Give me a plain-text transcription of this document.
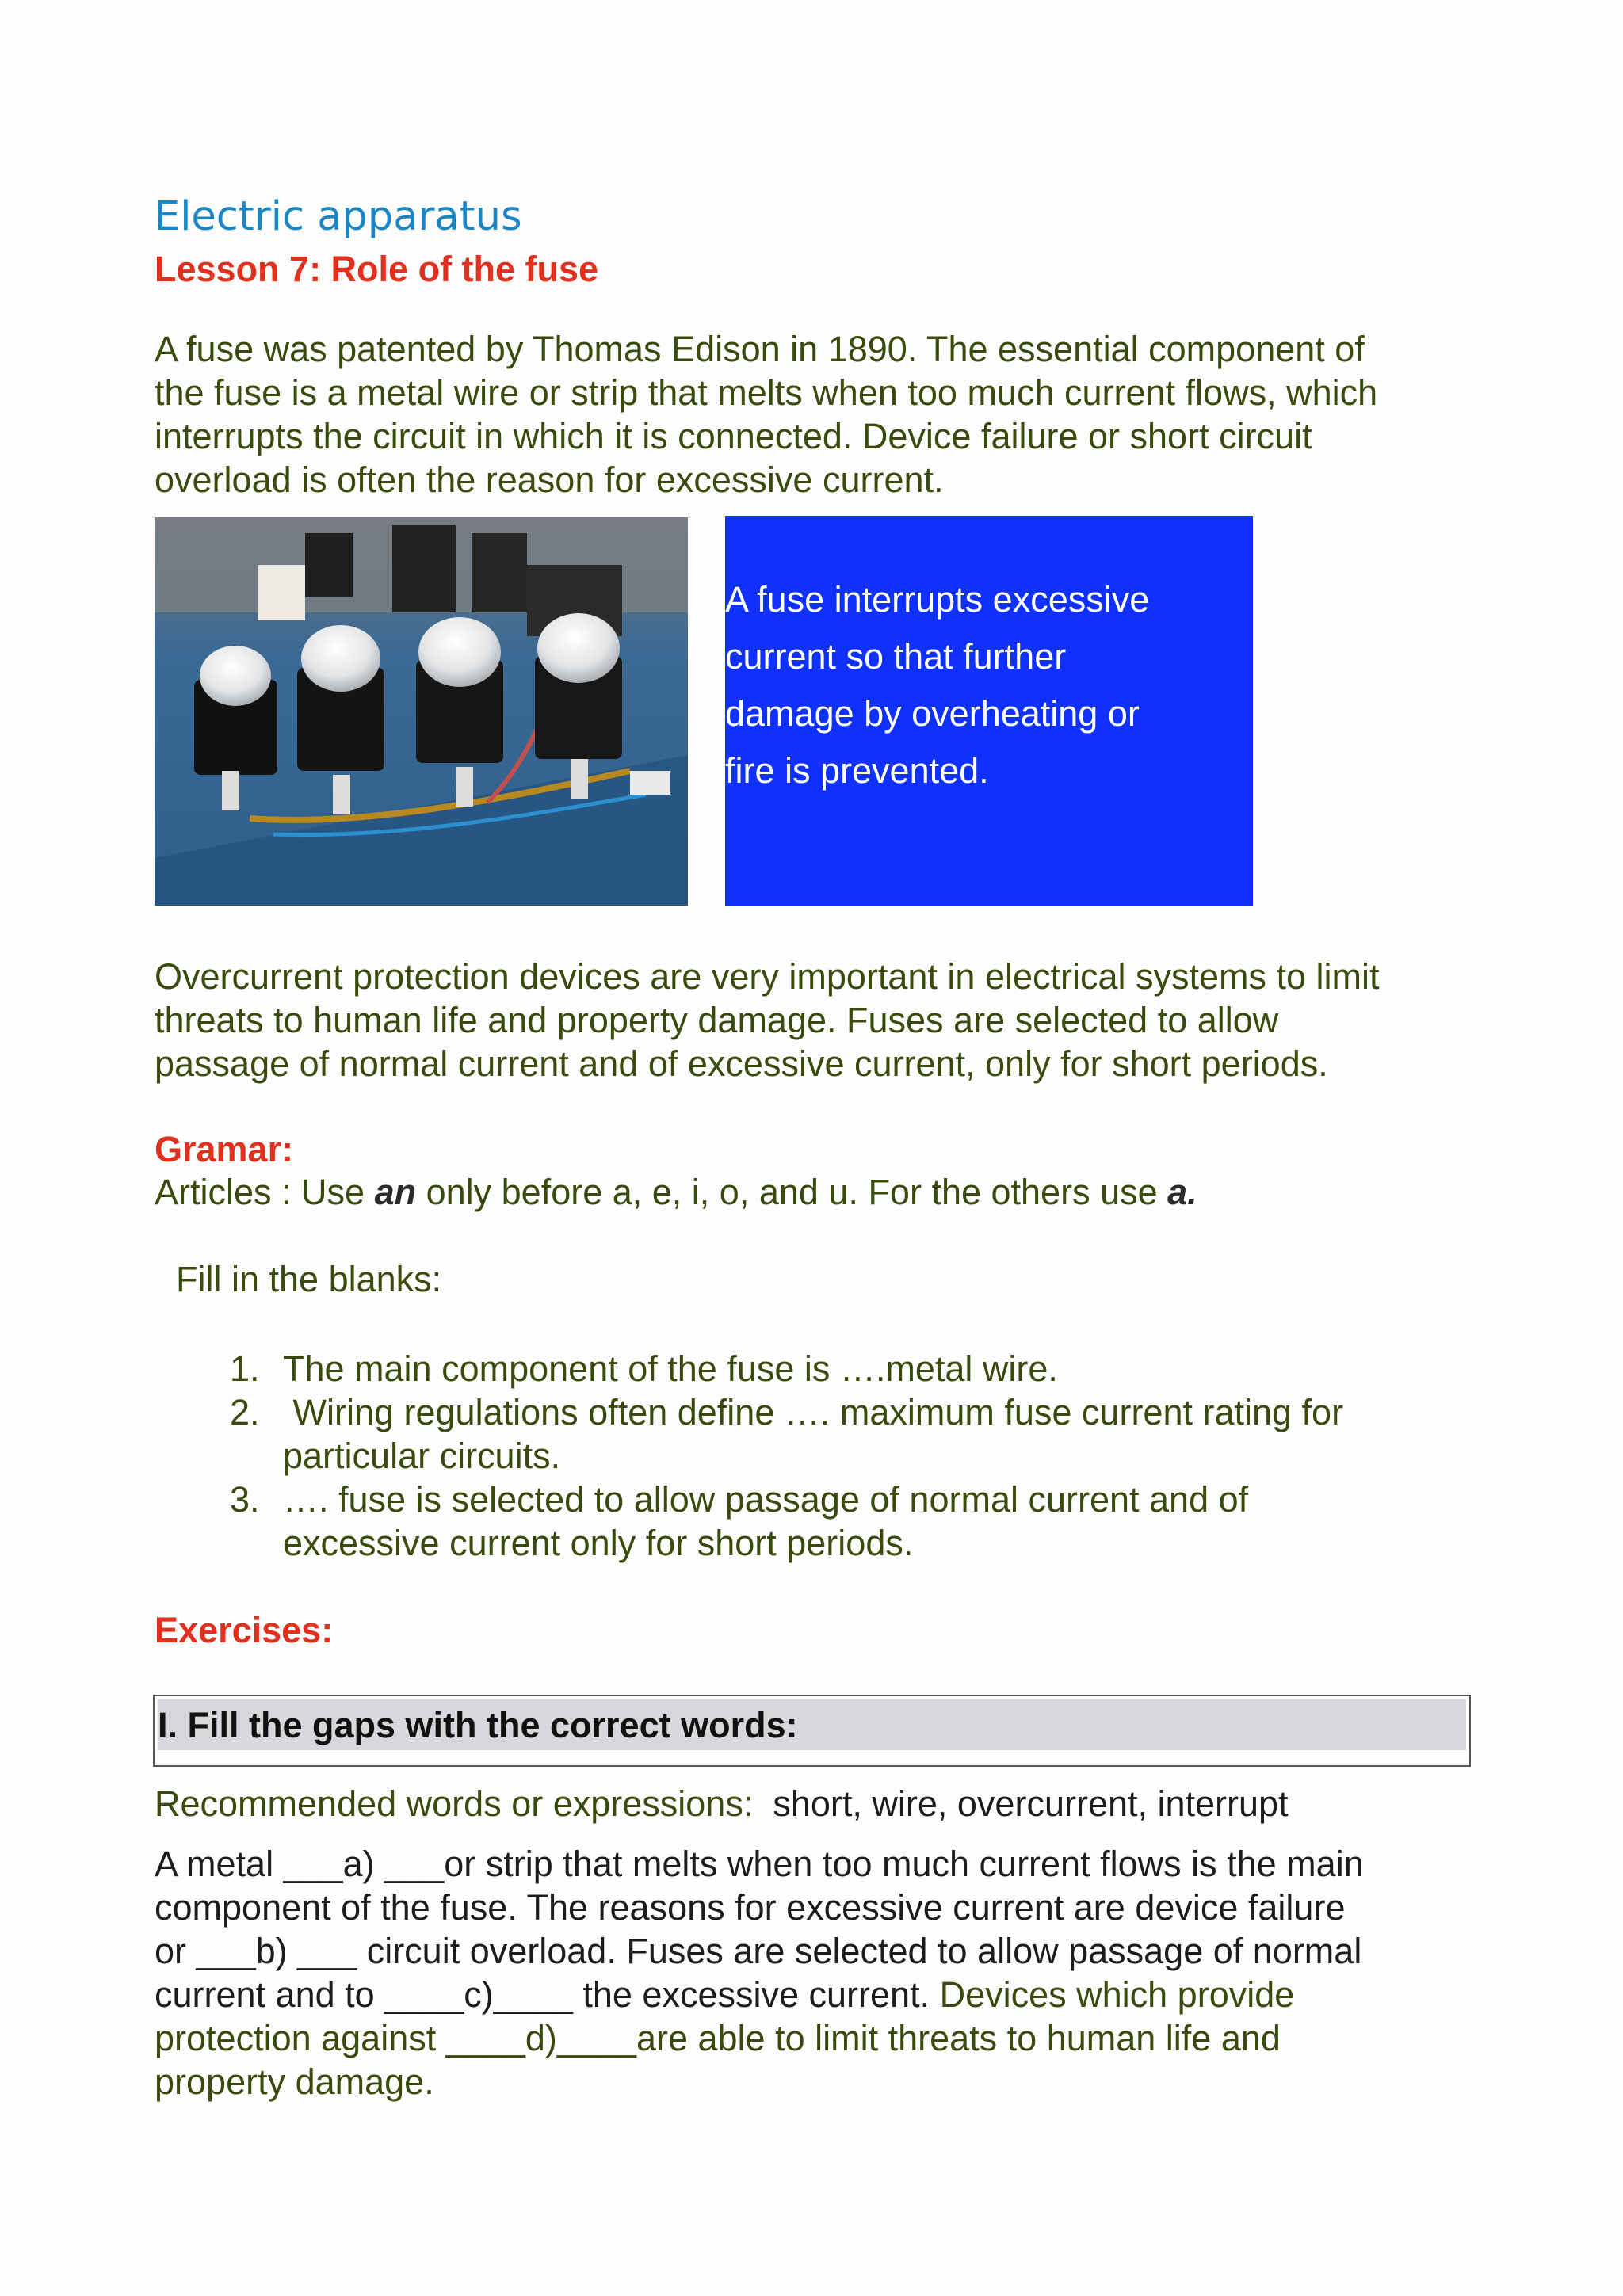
Electric apparatus
Lesson 7: Role of the fuse
A fuse was patented by Thomas Edison in 1890. The essential component of
the fuse is a metal wire or strip that melts when too much current flows, which
interrupts the circuit in which it is connected. Device failure or short circuit
overload is often the reason for excessive current.
A fuse interrupts excessive
current so that further
damage by overheating or
fire is prevented.
Overcurrent protection devices are very important in electrical systems to limit
threats to human life and property damage. Fuses are selected to allow
passage of normal current and of excessive current, only for short periods.
Gramar:
Articles : Use an only before a, e, i, o, and u. For the others use a.
Fill in the blanks:
1. The main component of the fuse is ….metal wire.
2. Wiring regulations often define …. maximum fuse current rating for
particular circuits.
3. …. fuse is selected to allow passage of normal current and of
excessive current only for short periods.
Exercises:
I. Fill the gaps with the correct words:
Recommended words or expressions:  short, wire, overcurrent, interrupt
A metal ___a) ___or strip that melts when too much current flows is the main
component of the fuse. The reasons for excessive current are device failure
or ___b) ___ circuit overload. Fuses are selected to allow passage of normal
current and to ____c)____ the excessive current. Devices which provide
protection against ____d)____are able to limit threats to human life and
property damage.
